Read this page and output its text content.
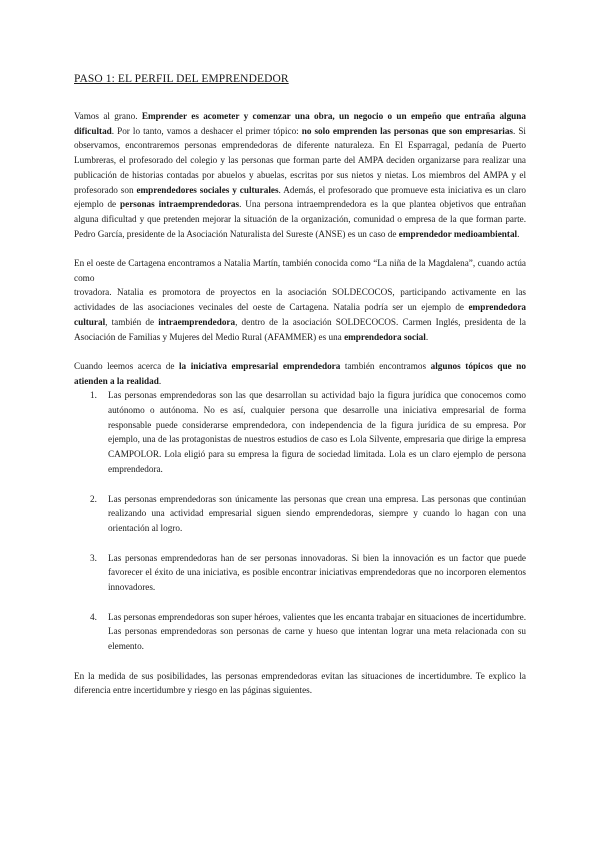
PASO 1: EL PERFIL DEL EMPRENDEDOR

Vamos al grano. Emprender es acometer y comenzar una obra, un negocio o un empeño que entraña alguna dificultad. Por lo tanto, vamos a deshacer el primer tópico: no solo emprenden las personas que son empresarias. Si observamos, encontraremos personas emprendedoras de diferente naturaleza. En El Esparragal, pedanía de Puerto Lumbreras, el profesorado del colegio y las personas que forman parte del AMPA deciden organizarse para realizar una publicación de historias contadas por abuelos y abuelas, escritas por sus nietos y nietas. Los miembros del AMPA y el profesorado son emprendedores sociales y culturales. Además, el profesorado que promueve esta iniciativa es un claro ejemplo de personas intraemprendedoras. Una persona intraemprendedora es la que plantea objetivos que entrañan alguna dificultad y que pretenden mejorar la situación de la organización, comunidad o empresa de la que forman parte. Pedro García, presidente de la Asociación Naturalista del Sureste (ANSE) es un caso de emprendedor medioambiental.

En el oeste de Cartagena encontramos a Natalia Martín, también conocida como “La niña de la Magdalena”, cuando actúa como
trovadora. Natalia es promotora de proyectos en la asociación SOLDECOCOS, participando activamente en las actividades de las asociaciones vecinales del oeste de Cartagena. Natalia podría ser un ejemplo de emprendedora cultural, también de intraemprendedora, dentro de la asociación SOLDECOCOS. Carmen Inglés, presidenta de la Asociación de Familias y Mujeres del Medio Rural (AFAMMER) es una emprendedora social.

Cuando leemos acerca de la iniciativa empresarial emprendedora también encontramos algunos tópicos que no atienden a la realidad.

1. Las personas emprendedoras son las que desarrollan su actividad bajo la figura jurídica que conocemos como autónomo o autónoma. No es así, cualquier persona que desarrolle una iniciativa empresarial de forma responsable puede considerarse emprendedora, con independencia de la figura jurídica de su empresa. Por ejemplo, una de las protagonistas de nuestros estudios de caso es Lola Silvente, empresaria que dirige la empresa CAMPOLOR. Lola eligió para su empresa la figura de sociedad limitada. Lola es un claro ejemplo de persona emprendedora.
2. Las personas emprendedoras son únicamente las personas que crean una empresa. Las personas que continúan realizando una actividad empresarial siguen siendo emprendedoras, siempre y cuando lo hagan con una orientación al logro.
3. Las personas emprendedoras han de ser personas innovadoras. Si bien la innovación es un factor que puede favorecer el éxito de una iniciativa, es posible encontrar iniciativas emprendedoras que no incorporen elementos innovadores.
4. Las personas emprendedoras son super héroes, valientes que les encanta trabajar en situaciones de incertidumbre. Las personas emprendedoras son personas de carne y hueso que intentan lograr una meta relacionada con su elemento.

En la medida de sus posibilidades, las personas emprendedoras evitan las situaciones de incertidumbre. Te explico la diferencia entre incertidumbre y riesgo en las páginas siguientes.
